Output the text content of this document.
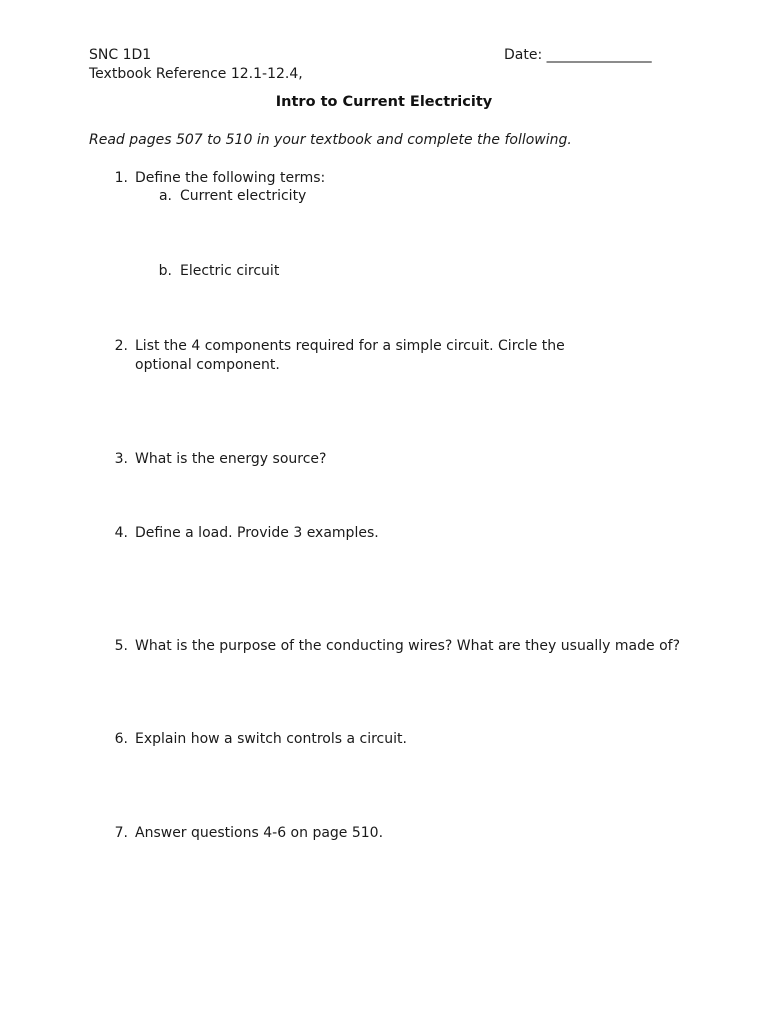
SNC 1D1
Textbook Reference 12.1-12.4,
Date: _______________
Intro to Current Electricity
Read pages 507 to 510 in your textbook and complete the following.
1. Define the following terms:
a. Current electricity
b. Electric circuit
2. List the 4 components required for a simple circuit. Circle the optional component.
3. What is the energy source?
4. Define a load. Provide 3 examples.
5. What is the purpose of the conducting wires? What are they usually made of?
6. Explain how a switch controls a circuit.
7. Answer questions 4-6 on page 510.
